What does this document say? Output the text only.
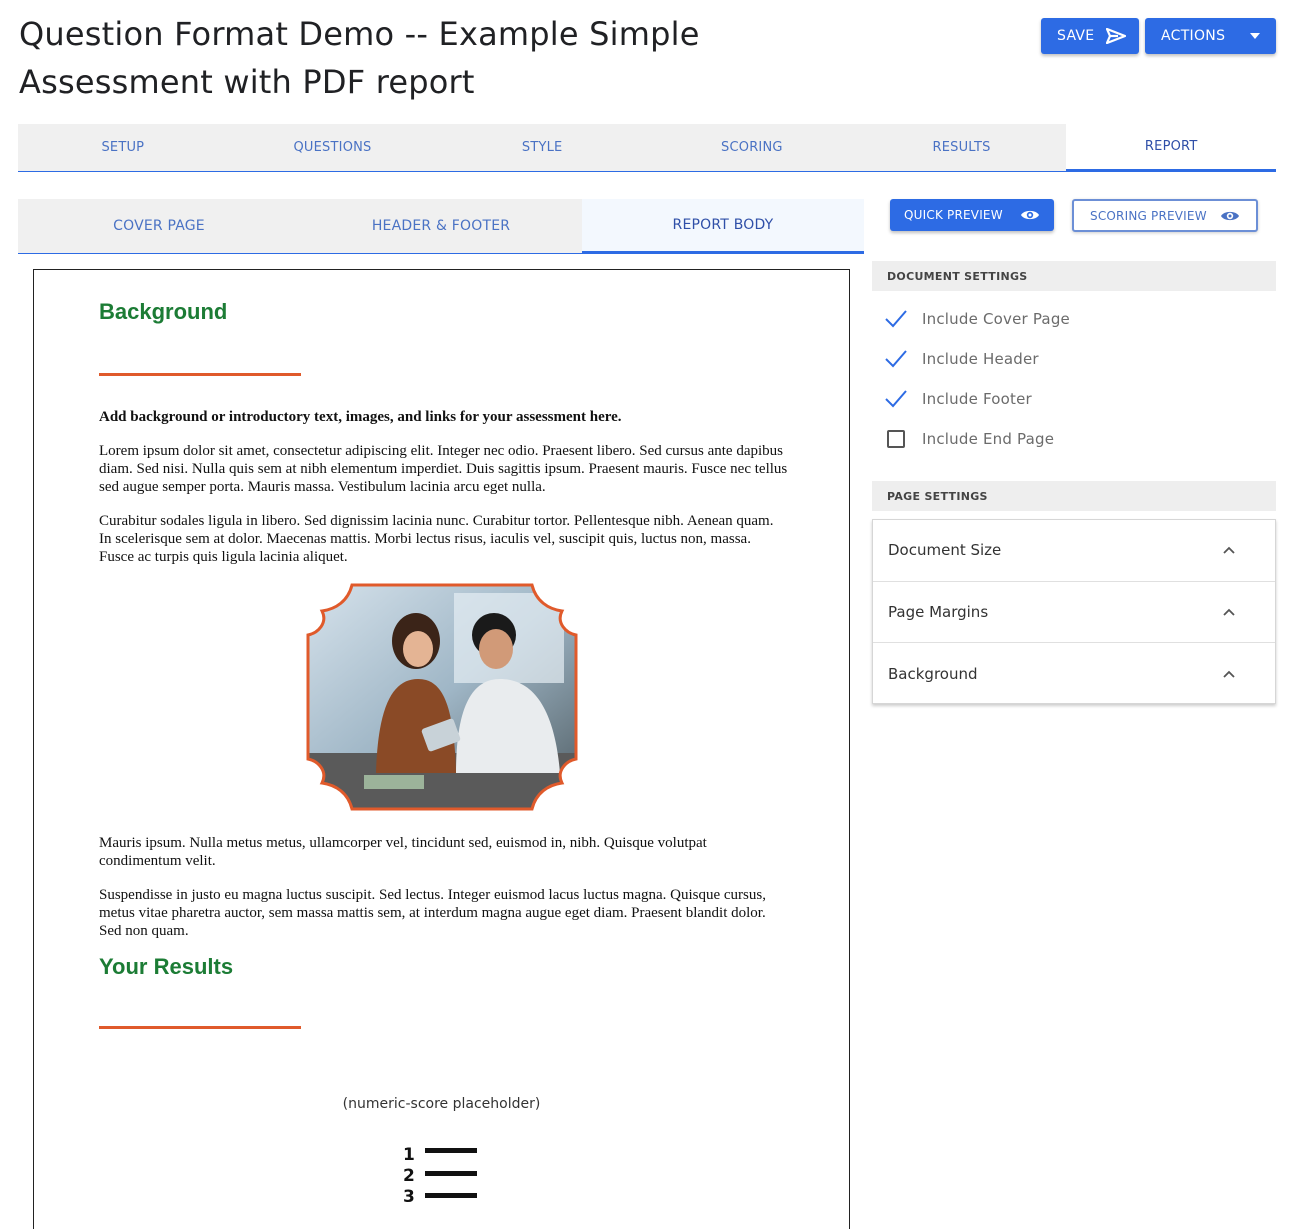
Question Format Demo -- Example Simple
Assessment with PDF report
SAVE	ACTIONS
SETUP	QUESTIONS	STYLE	SCORING	RESULTS	REPORT
COVER PAGE	HEADER & FOOTER	REPORT BODY
QUICK PREVIEW	SCORING PREVIEW
DOCUMENT SETTINGS
Include Cover Page
Include Header
Include Footer
Include End Page
PAGE SETTINGS
Document Size
Page Margins
Background
Background
Add background or introductory text, images, and links for your assessment here.
Lorem ipsum dolor sit amet, consectetur adipiscing elit. Integer nec odio. Praesent libero. Sed cursus ante dapibus diam. Sed nisi. Nulla quis sem at nibh elementum imperdiet. Duis sagittis ipsum. Praesent mauris. Fusce nec tellus sed augue semper porta. Mauris massa. Vestibulum lacinia arcu eget nulla.
Curabitur sodales ligula in libero. Sed dignissim lacinia nunc. Curabitur tortor. Pellentesque nibh. Aenean quam. In scelerisque sem at dolor. Maecenas mattis. Morbi lectus risus, iaculis vel, suscipit quis, luctus non, massa. Fusce ac turpis quis ligula lacinia aliquet.
Mauris ipsum. Nulla metus metus, ullamcorper vel, tincidunt sed, euismod in, nibh. Quisque volutpat condimentum velit.
Suspendisse in justo eu magna luctus suscipit. Sed lectus. Integer euismod lacus luctus magna. Quisque cursus, metus vitae pharetra auctor, sem massa mattis sem, at interdum magna augue eget diam. Praesent blandit dolor. Sed non quam.
Your Results
(numeric-score placeholder)
1
2
3
